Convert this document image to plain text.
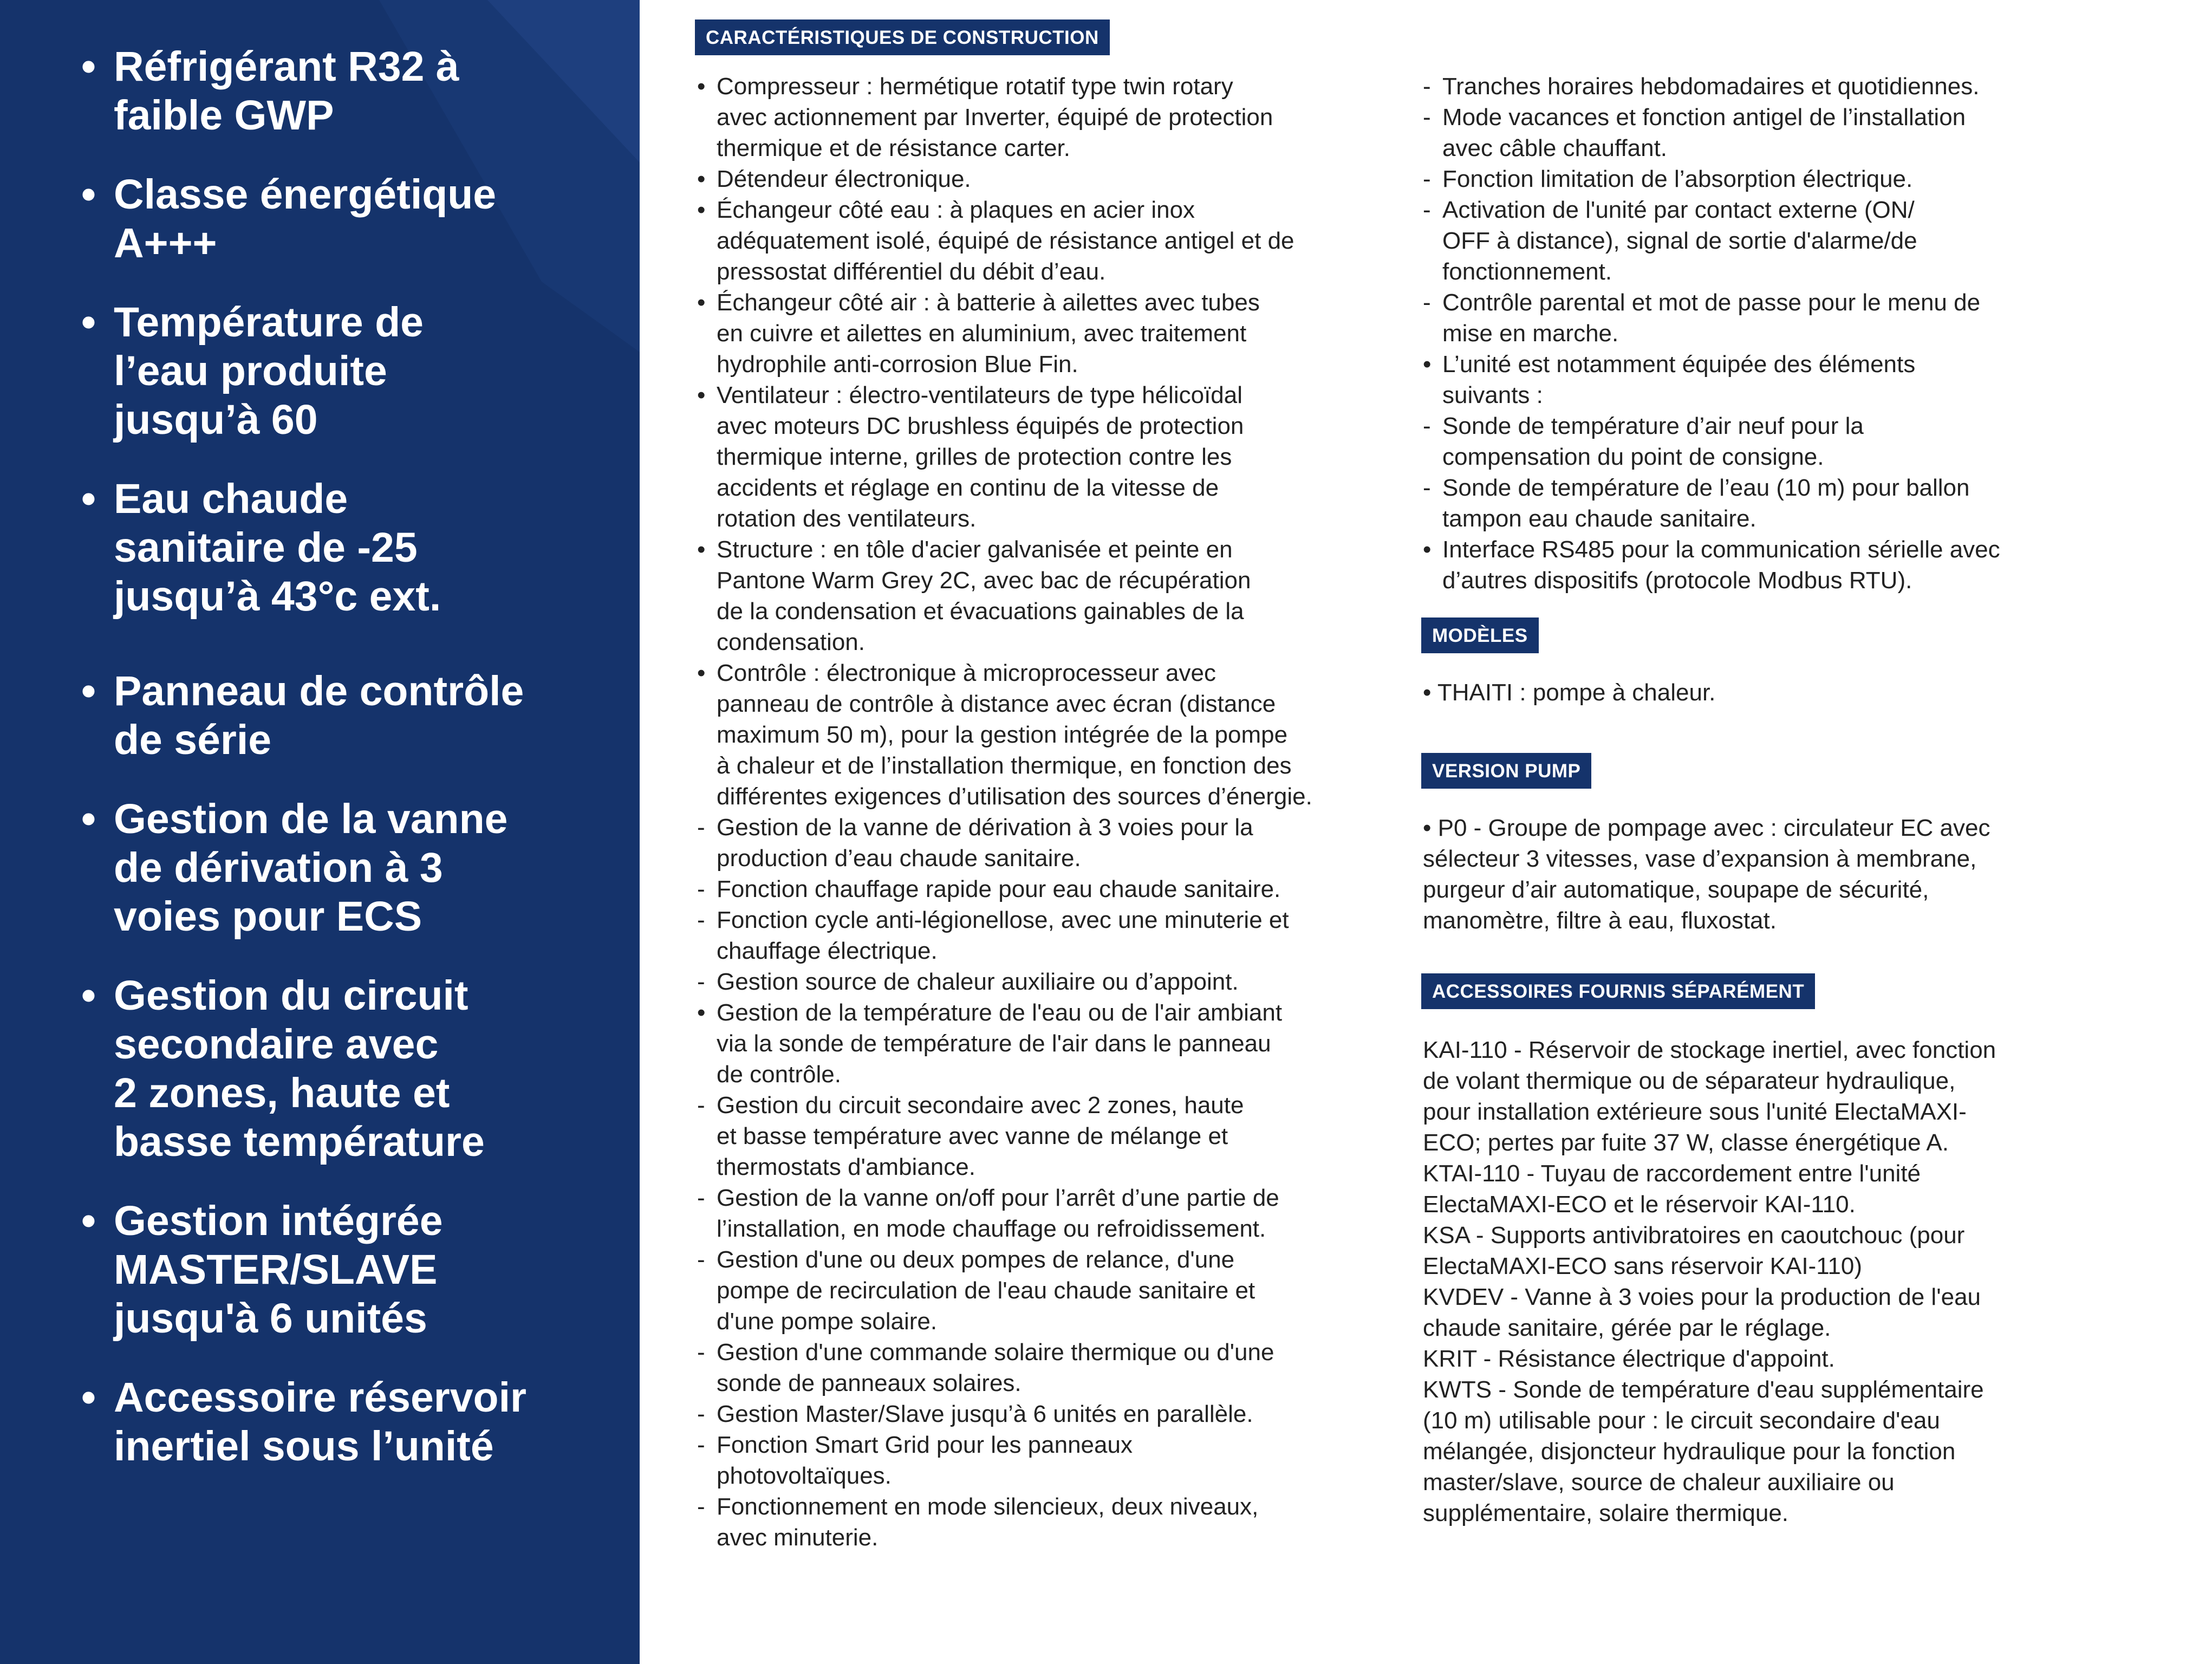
• Réfrigérant R32 à
faible GWP
• Classe énergétique
A+++
• Température de
l’eau produite
jusqu’à 60
• Eau chaude
sanitaire de -25
jusqu’à 43°c ext.
• Panneau de contrôle
de série
• Gestion de la vanne
de dérivation à 3
voies pour ECS
• Gestion du circuit
secondaire avec
2 zones, haute et
basse température
• Gestion intégrée
MASTER/SLAVE
jusqu'à 6 unités
• Accessoire réservoir
inertiel sous l’unité
CARACTÉRISTIQUES DE CONSTRUCTION
• Compresseur : hermétique rotatif type twin rotary
avec actionnement par Inverter, équipé de protection
thermique et de résistance carter.
• Détendeur électronique.
• Échangeur côté eau : à plaques en acier inox
adéquatement isolé, équipé de résistance antigel et de
pressostat différentiel du débit d’eau.
• Échangeur côté air : à batterie à ailettes avec tubes
en cuivre et ailettes en aluminium, avec traitement
hydrophile anti-corrosion Blue Fin.
• Ventilateur : électro-ventilateurs de type hélicoïdal
avec moteurs DC brushless équipés de protection
thermique interne, grilles de protection contre les
accidents et réglage en continu de la vitesse de
rotation des ventilateurs.
• Structure : en tôle d'acier galvanisée et peinte en
Pantone Warm Grey 2C, avec bac de récupération
de la condensation et évacuations gainables de la
condensation.
• Contrôle : électronique à microprocesseur avec
panneau de contrôle à distance avec écran (distance
maximum 50 m), pour la gestion intégrée de la pompe
à chaleur et de l’installation thermique, en fonction des
différentes exigences d’utilisation des sources d’énergie.
- Gestion de la vanne de dérivation à 3 voies pour la
production d’eau chaude sanitaire.
- Fonction chauffage rapide pour eau chaude sanitaire.
- Fonction cycle anti-légionellose, avec une minuterie et
chauffage électrique.
- Gestion source de chaleur auxiliaire ou d’appoint.
• Gestion de la température de l'eau ou de l'air ambiant
via la sonde de température de l'air dans le panneau
de contrôle.
- Gestion du circuit secondaire avec 2 zones, haute
et basse température avec vanne de mélange et
thermostats d'ambiance.
- Gestion de la vanne on/off pour l’arrêt d’une partie de
l’installation, en mode chauffage ou refroidissement.
- Gestion d'une ou deux pompes de relance, d'une
pompe de recirculation de l'eau chaude sanitaire et
d'une pompe solaire.
- Gestion d'une commande solaire thermique ou d'une
sonde de panneaux solaires.
- Gestion Master/Slave jusqu’à 6 unités en parallèle.
- Fonction Smart Grid pour les panneaux
photovoltaïques.
- Fonctionnement en mode silencieux, deux niveaux,
avec minuterie.
- Tranches horaires hebdomadaires et quotidiennes.
- Mode vacances et fonction antigel de l’installation
avec câble chauffant.
- Fonction limitation de l’absorption électrique.
- Activation de l'unité par contact externe (ON/
OFF à distance), signal de sortie d'alarme/de
fonctionnement.
- Contrôle parental et mot de passe pour le menu de
mise en marche.
• L’unité est notamment équipée des éléments
suivants :
- Sonde de température d’air neuf pour la
compensation du point de consigne.
- Sonde de température de l’eau (10 m) pour ballon
tampon eau chaude sanitaire.
• Interface RS485 pour la communication sérielle avec
d’autres dispositifs (protocole Modbus RTU).
MODÈLES

• THAITI : pompe à chaleur.

VERSION PUMP

• P0 - Groupe de pompage avec : circulateur EC avec

sélecteur 3 vitesses, vase d’expansion à membrane,

purgeur d’air automatique, soupape de sécurité,

manomètre, filtre à eau, fluxostat.

ACCESSOIRES FOURNIS SÉPARÉMENT
KAI-110 - Réservoir de stockage inertiel, avec fonction
de volant thermique ou de séparateur hydraulique,
pour installation extérieure sous l'unité ElectaMAXI-
ECO; pertes par fuite 37 W, classe énergétique A.
KTAI-110 - Tuyau de raccordement entre l'unité
ElectaMAXI-ECO et le réservoir KAI-110.
KSA - Supports antivibratoires en caoutchouc (pour
ElectaMAXI-ECO sans réservoir KAI-110)
KVDEV - Vanne à 3 voies pour la production de l'eau
chaude sanitaire, gérée par le réglage.
KRIT - Résistance électrique d'appoint.
KWTS - Sonde de température d'eau supplémentaire
(10 m) utilisable pour : le circuit secondaire d'eau
mélangée, disjoncteur hydraulique pour la fonction
master/slave, source de chaleur auxiliaire ou
supplémentaire, solaire thermique.
